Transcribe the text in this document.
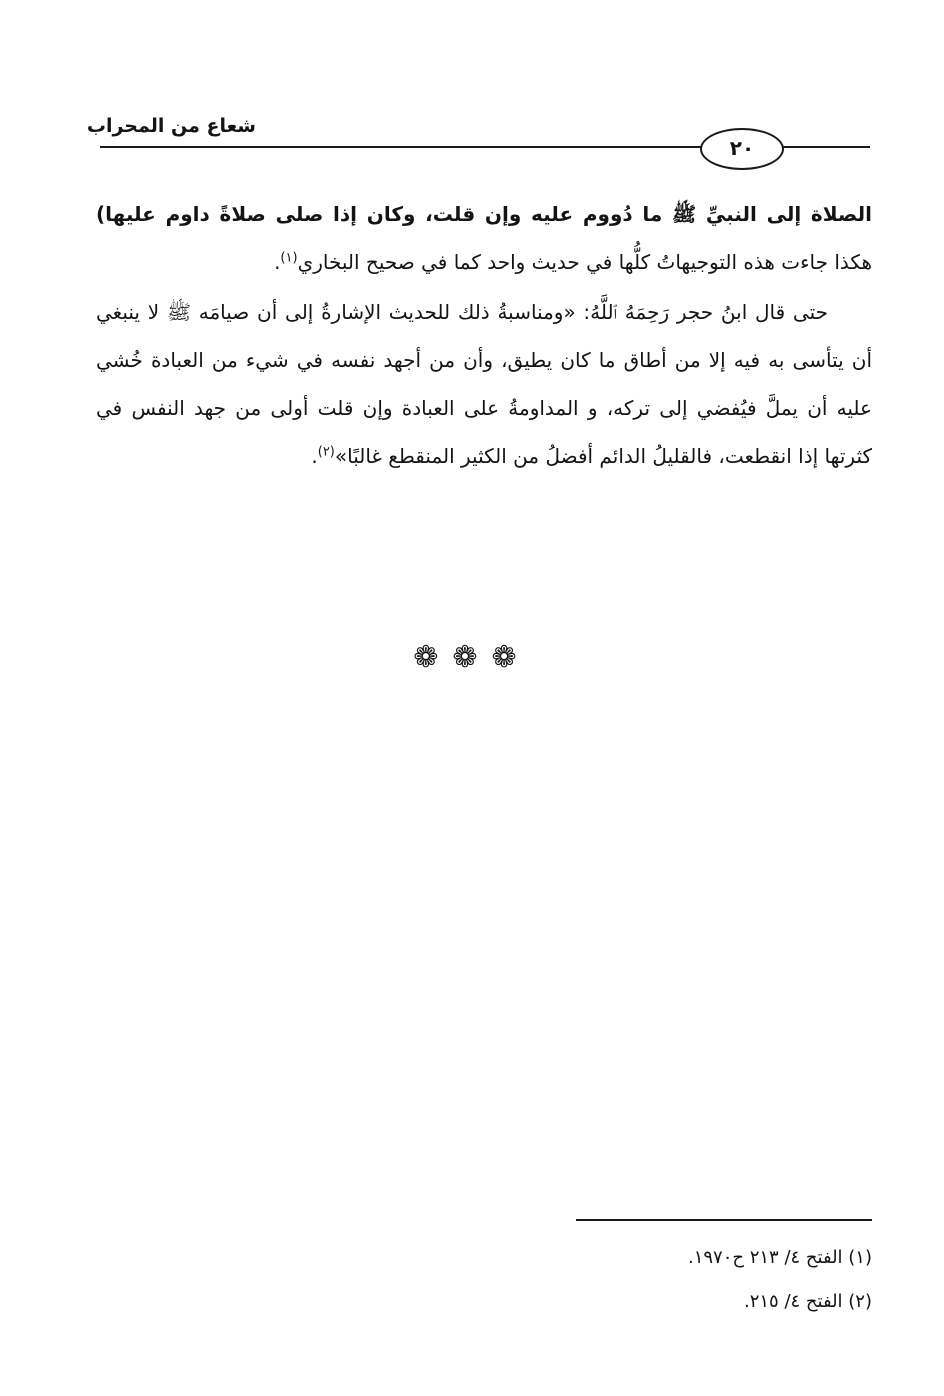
شعاع من المحراب
٢٠

الصلاة إلى النبيِّ ﷺ ما دُووم عليه وإن قلت، وكان إذا صلى صلاةً داوم عليها) هكذا جاءت هذه التوجيهاتُ كلُّها في حديث واحد كما في صحيح البخاري$^{(١)}$.

حتى قال ابنُ حجر رَحِمَهُ ٱللَّهُ: «ومناسبةُ ذلك للحديث الإشارةُ إلى أن صيامَه ﷺ لا ينبغي أن يتأسى به فيه إلا من أطاق ما كان يطيق، وأن من أجهد نفسه في شيء من العبادة خُشي عليه أن يملَّ فيُفضي إلى تركه، و المداومةُ على العبادة وإن قلت أولى من جهد النفس في كثرتها إذا انقطعت، فالقليلُ الدائم أفضلُ من الكثير المنقطع غالبًا»$^{(٢)}$.

❁❁❁

(١) الفتح ٤/ ٢١٣ ح١٩٧٠.

(٢) الفتح ٤/ ٢١٥.
